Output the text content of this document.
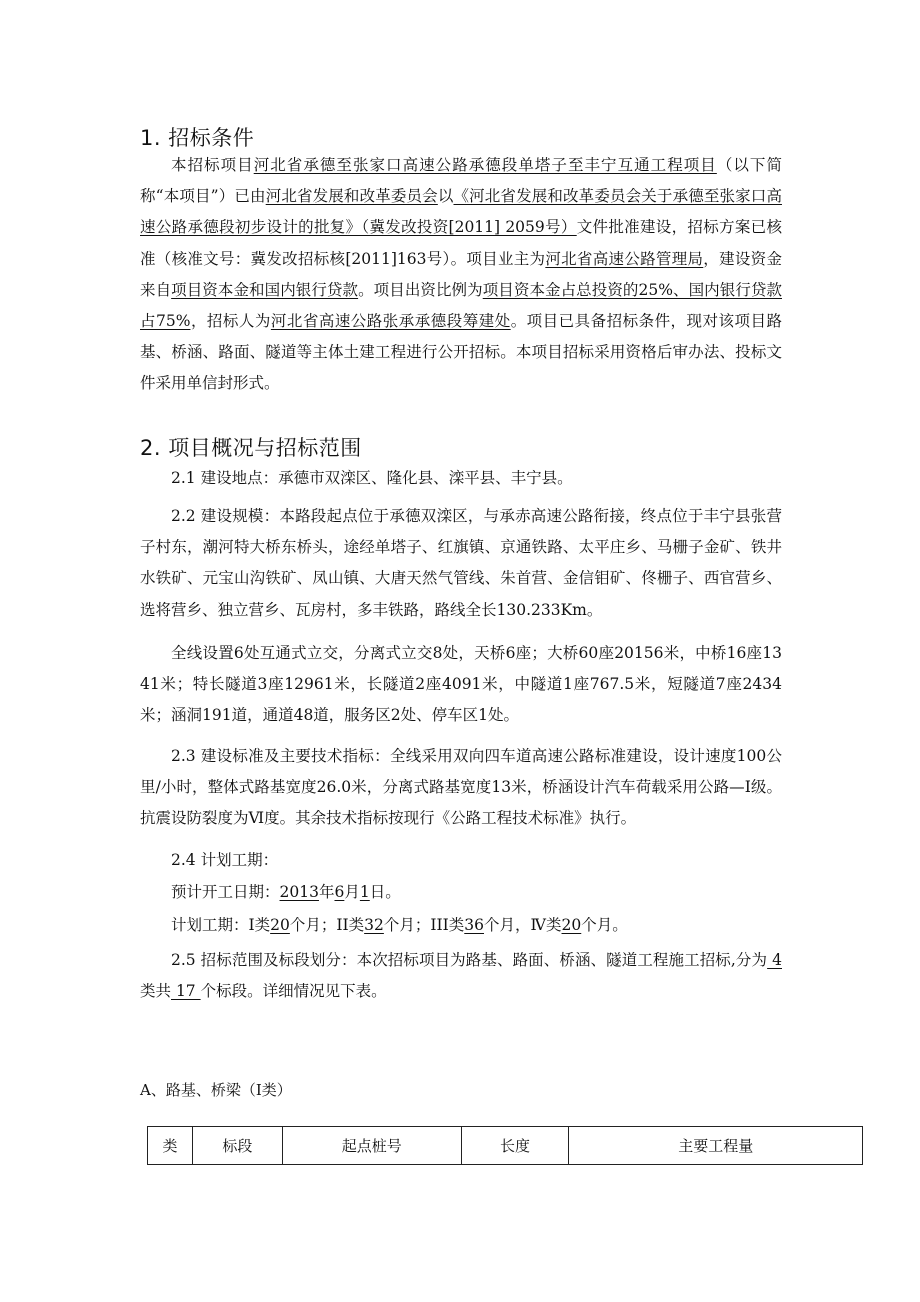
1. 招标条件

本招标项目河北省承德至张家口高速公路承德段单塔子至丰宁互通工程项目（以下简称“本项目”）已由河北省发展和改革委员会以《河北省发展和改革委员会关于承德至张家口高速公路承德段初步设计的批复》（冀发改投资[2011] 2059号）文件批准建设，招标方案已核准（核准文号：冀发改招标核[2011]163号）。项目业主为河北省高速公路管理局，建设资金来自项目资本金和国内银行贷款。项目出资比例为项目资本金占总投资的25%、国内银行贷款占75%，招标人为河北省高速公路张承承德段筹建处。项目已具备招标条件，现对该项目路基、桥涵、路面、隧道等主体土建工程进行公开招标。本项目招标采用资格后审办法、投标文件采用单信封形式。

2. 项目概况与招标范围

2.1 建设地点：承德市双滦区、隆化县、滦平县、丰宁县。

2.2 建设规模：本路段起点位于承德双滦区，与承赤高速公路衔接，终点位于丰宁县张营子村东，潮河特大桥东桥头，途经单塔子、红旗镇、京通铁路、太平庄乡、马栅子金矿、铁井水铁矿、元宝山沟铁矿、凤山镇、大唐天然气管线、朱首营、金信钼矿、佟栅子、西官营乡、选将营乡、独立营乡、瓦房村，多丰铁路，路线全长130.233Km。

全线设置6处互通式立交，分离式立交8处，天桥6座；大桥60座20156米，中桥16座1341米；特长隧道3座12961米，长隧道2座4091米，中隧道1座767.5米，短隧道7座2434米；涵洞191道，通道48道，服务区2处、停车区1处。

2.3 建设标准及主要技术指标：全线采用双向四车道高速公路标准建设，设计速度100公里/小时，整体式路基宽度26.0米，分离式路基宽度13米，桥涵设计汽车荷载采用公路—Ⅰ级。抗震设防裂度为Ⅵ度。其余技术指标按现行《公路工程技术标准》执行。

2.4 计划工期：

预计开工日期：2013年6月1日。

计划工期：Ⅰ类20个月；II类32个月；III类36个月，Ⅳ类20个月。

2.5 招标范围及标段划分：本次招标项目为路基、路面、桥涵、隧道工程施工招标,分为 4 类共 17 个标段。详细情况见下表。

A、路基、桥梁（Ⅰ类）

类	标段	起点桩号	长度	主要工程量
